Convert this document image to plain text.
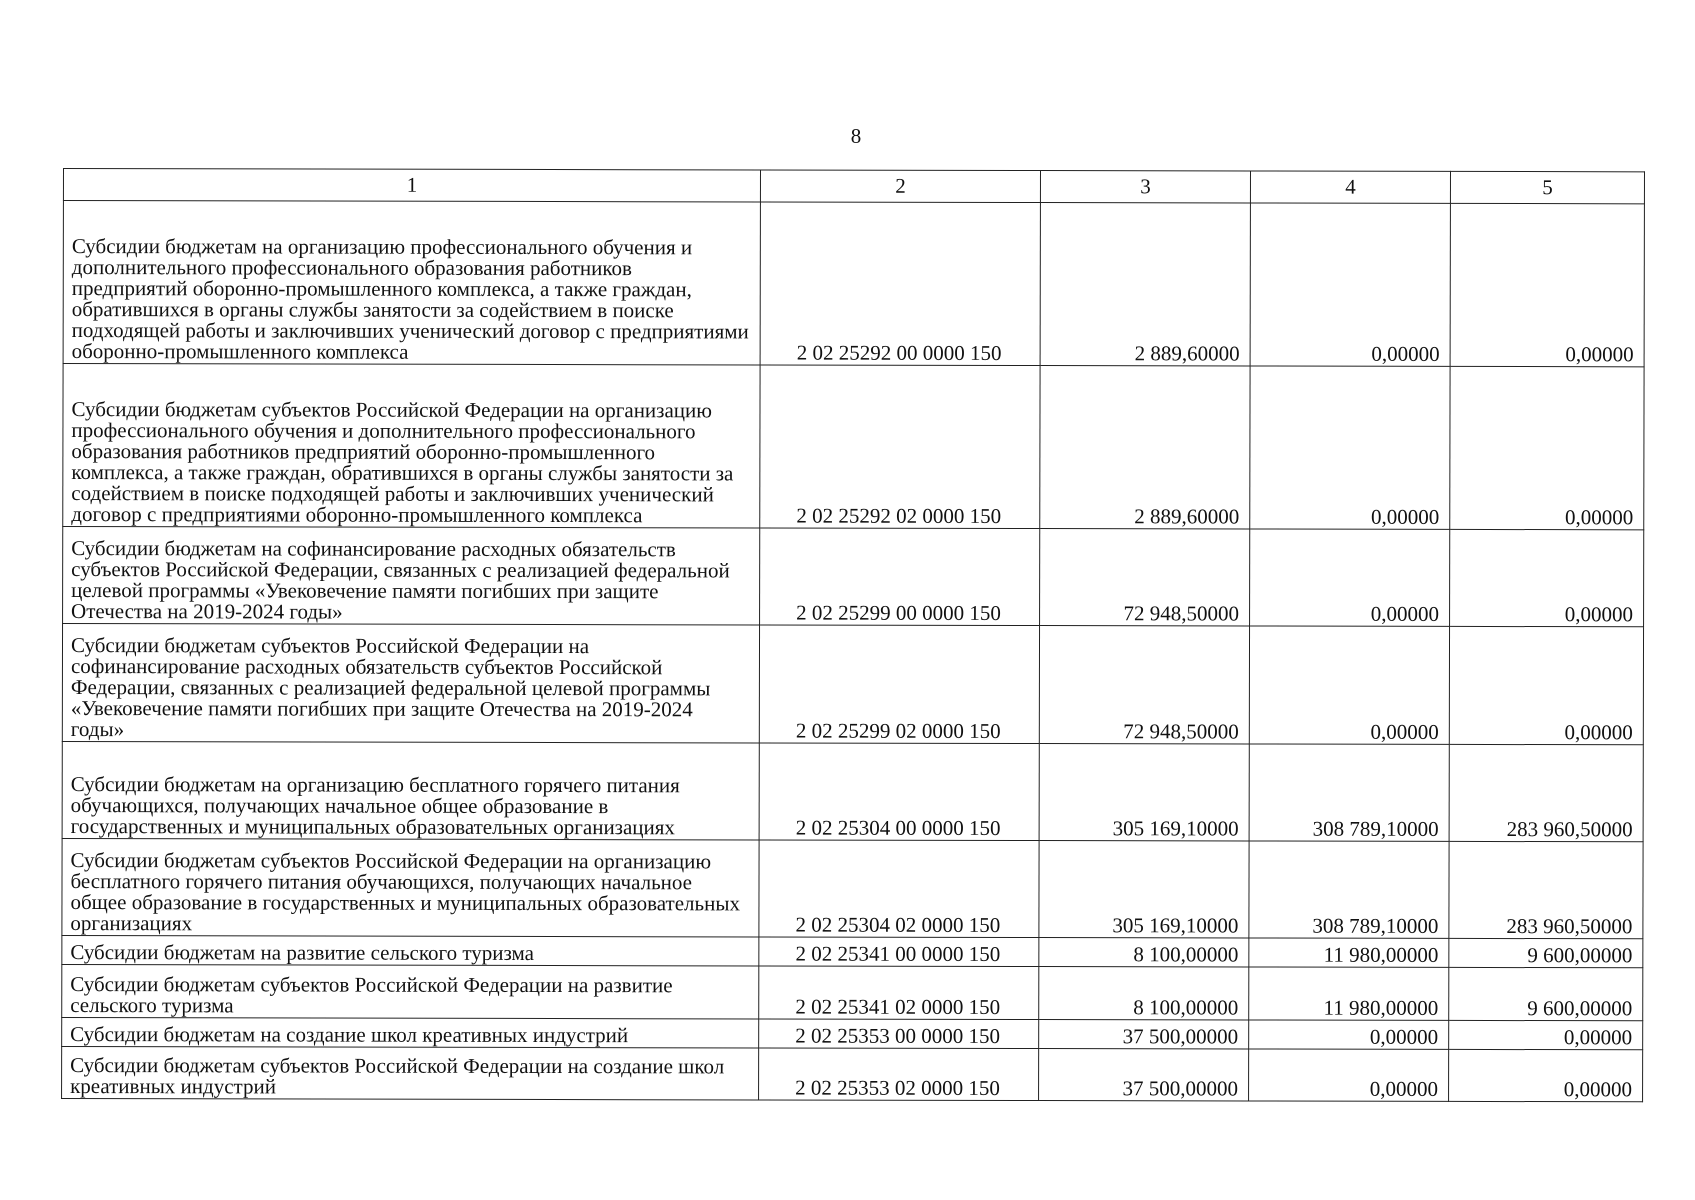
8
1	2	3	4	5
Субсидии бюджетам на организацию профессионального обучения и дополнительного профессионального образования работников предприятий оборонно-промышленного комплекса, а также граждан, обратившихся в органы службы занятости за содействием в поиске подходящей работы и заключивших ученический договор с предприятиями оборонно-промышленного комплекса	2 02 25292 00 0000 150	2 889,60000	0,00000	0,00000
Субсидии бюджетам субъектов Российской Федерации на организацию профессионального обучения и дополнительного профессионального образования работников предприятий оборонно-промышленного комплекса, а также граждан, обратившихся в органы службы занятости за содействием в поиске подходящей работы и заключивших ученический договор с предприятиями оборонно-промышленного комплекса	2 02 25292 02 0000 150	2 889,60000	0,00000	0,00000
Субсидии бюджетам на софинансирование расходных обязательств субъектов Российской Федерации, связанных с реализацией федеральной целевой программы «Увековечение памяти погибших при защите Отечества на 2019-2024 годы»	2 02 25299 00 0000 150	72 948,50000	0,00000	0,00000
Субсидии бюджетам субъектов Российской Федерации на софинансирование расходных обязательств субъектов Российской Федерации, связанных с реализацией федеральной целевой программы «Увековечение памяти погибших при защите Отечества на 2019-2024 годы»	2 02 25299 02 0000 150	72 948,50000	0,00000	0,00000
Субсидии бюджетам на организацию бесплатного горячего питания обучающихся, получающих начальное общее образование в государственных и муниципальных образовательных организациях	2 02 25304 00 0000 150	305 169,10000	308 789,10000	283 960,50000
Субсидии бюджетам субъектов Российской Федерации на организацию бесплатного горячего питания обучающихся, получающих начальное общее образование в государственных и муниципальных образовательных организациях	2 02 25304 02 0000 150	305 169,10000	308 789,10000	283 960,50000
Субсидии бюджетам на развитие сельского туризма	2 02 25341 00 0000 150	8 100,00000	11 980,00000	9 600,00000
Субсидии бюджетам субъектов Российской Федерации на развитие сельского туризма	2 02 25341 02 0000 150	8 100,00000	11 980,00000	9 600,00000
Субсидии бюджетам на создание школ креативных индустрий	2 02 25353 00 0000 150	37 500,00000	0,00000	0,00000
Субсидии бюджетам субъектов Российской Федерации на создание школ креативных индустрий	2 02 25353 02 0000 150	37 500,00000	0,00000	0,00000
